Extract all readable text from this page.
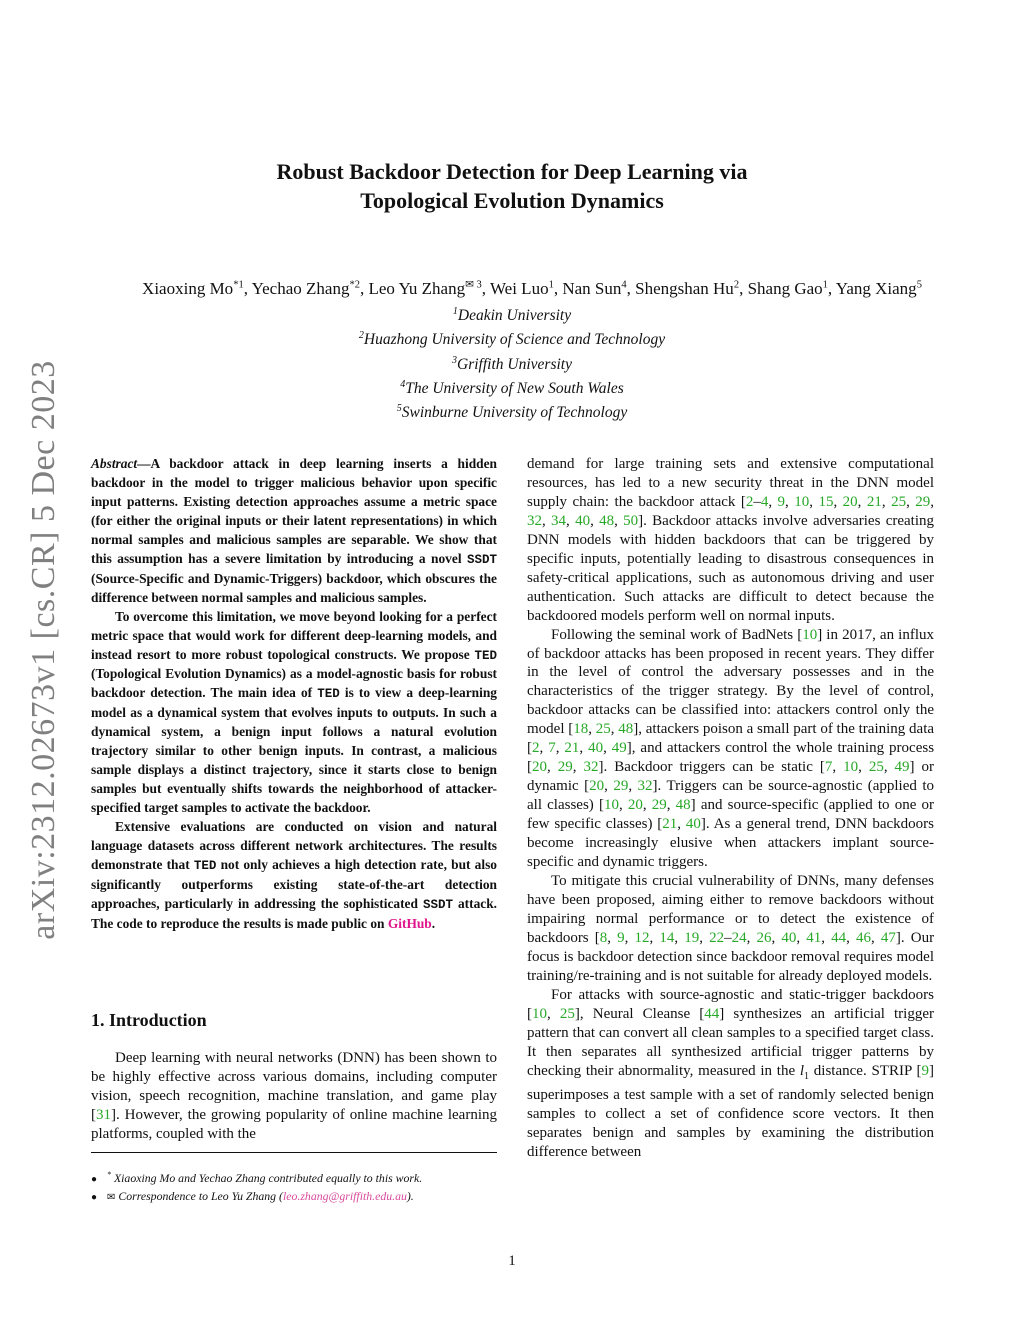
arXiv:2312.02673v1 [cs.CR] 5 Dec 2023
Robust Backdoor Detection for Deep Learning via
Topological Evolution Dynamics
Xiaoxing Mo$^{*1}$, Yechao Zhang$^{*2}$, Leo Yu Zhang$^{✉ 3}$, Wei Luo$^1$, Nan Sun$^4$, Shengshan Hu$^2$, Shang Gao$^1$, Yang Xiang$^5$
$^1$Deakin University
$^2$Huazhong University of Science and Technology
$^3$Griffith University
$^4$The University of New South Wales
$^5$Swinburne University of Technology

Abstract—A backdoor attack in deep learning inserts a hidden backdoor in the model to trigger malicious behavior upon specific input patterns. Existing detection approaches assume a metric space (for either the original inputs or their latent representations) in which normal samples and malicious samples are separable. We show that this assumption has a severe limitation by introducing a novel SSDT (Source-Specific and Dynamic-Triggers) backdoor, which obscures the difference between normal samples and malicious samples.

To overcome this limitation, we move beyond looking for a perfect metric space that would work for different deep-learning models, and instead resort to more robust topological constructs. We propose TED (Topological Evolution Dynamics) as a model-agnostic basis for robust backdoor detection. The main idea of TED is to view a deep-learning model as a dynamical system that evolves inputs to outputs. In such a dynamical system, a benign input follows a natural evolution trajectory similar to other benign inputs. In contrast, a malicious sample displays a distinct trajectory, since it starts close to benign samples but eventually shifts towards the neighborhood of attacker-specified target samples to activate the backdoor.

Extensive evaluations are conducted on vision and natural language datasets across different network architectures. The results demonstrate that TED not only achieves a high detection rate, but also significantly outperforms existing state-of-the-art detection approaches, particularly in addressing the sophisticated SSDT attack. The code to reproduce the results is made public on GitHub.

1. Introduction

Deep learning with neural networks (DNN) has been shown to be highly effective across various domains, including computer vision, speech recognition, machine translation, and game play [31]. However, the growing popularity of online machine learning platforms, coupled with the

●	* Xiaoxing Mo and Yechao Zhang contributed equally to this work.
● ✉ Correspondence to Leo Yu Zhang (leo.zhang@griffith.edu.au).

demand for large training sets and extensive computational resources, has led to a new security threat in the DNN model supply chain: the backdoor attack [2–4, 9, 10, 15, 20, 21, 25, 29, 32, 34, 40, 48, 50]. Backdoor attacks involve adversaries creating DNN models with hidden backdoors that can be triggered by specific inputs, potentially leading to disastrous consequences in safety-critical applications, such as autonomous driving and user authentication. Such attacks are difficult to detect because the backdoored models perform well on normal inputs.

Following the seminal work of BadNets [10] in 2017, an influx of backdoor attacks has been proposed in recent years. They differ in the level of control the adversary possesses and in the characteristics of the trigger strategy. By the level of control, backdoor attacks can be classified into: attackers control only the model [18, 25, 48], attackers poison a small part of the training data [2, 7, 21, 40, 49], and attackers control the whole training process [20, 29, 32]. Backdoor triggers can be static [7, 10, 25, 49] or dynamic [20, 29, 32]. Triggers can be source-agnostic (applied to all classes) [10, 20, 29, 48] and source-specific (applied to one or few specific classes) [21, 40]. As a general trend, DNN backdoors become increasingly elusive when attackers implant source-specific and dynamic triggers.

To mitigate this crucial vulnerability of DNNs, many defenses have been proposed, aiming either to remove backdoors without impairing normal performance or to detect the existence of backdoors [8, 9, 12, 14, 19, 22–24, 26, 40, 41, 44, 46, 47]. Our focus is backdoor detection since backdoor removal requires model training/re-training and is not suitable for already deployed models.

For attacks with source-agnostic and static-trigger backdoors [10, 25], Neural Cleanse [44] synthesizes an artificial trigger pattern that can convert all clean samples to a specified target class. It then separates all synthesized artificial trigger patterns by checking their abnormality, measured in the $l_1$ distance. STRIP [9] superimposes a test sample with a set of randomly selected benign samples to collect a set of confidence score vectors. It then separates benign and samples by examining the distribution difference between

1
